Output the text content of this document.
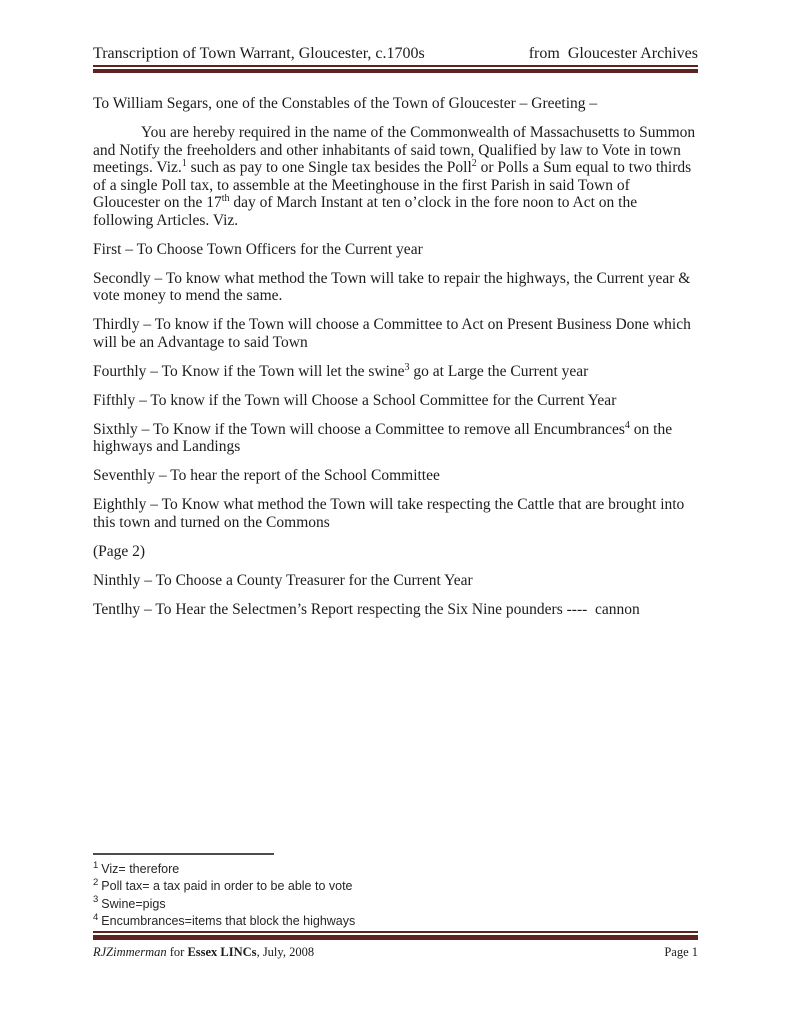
Transcription of Town Warrant, Gloucester, c.1700s	from  Gloucester Archives

To William Segars, one of the Constables of the Town of Gloucester – Greeting –

You are hereby required in the name of the Commonwealth of Massachusetts to Summon and Notify the freeholders and other inhabitants of said town, Qualified by law to Vote in town meetings. Viz.$^1$ such as pay to one Single tax besides the Poll$^2$ or Polls a Sum equal to two thirds of a single Poll tax, to assemble at the Meetinghouse in the first Parish in said Town of Gloucester on the 17th day of March Instant at ten o’clock in the fore noon to Act on the following Articles. Viz.

First – To Choose Town Officers for the Current year

Secondly – To know what method the Town will take to repair the highways, the Current year & vote money to mend the same.

Thirdly – To know if the Town will choose a Committee to Act on Present Business Done which will be an Advantage to said Town

Fourthly – To Know if the Town will let the swine$^3$ go at Large the Current year

Fifthly – To know if the Town will Choose a School Committee for the Current Year

Sixthly – To Know if the Town will choose a Committee to remove all Encumbrances$^4$ on the highways and Landings

Seventhly – To hear the report of the School Committee

Eighthly – To Know what method the Town will take respecting the Cattle that are brought into this town and turned on the Commons

(Page 2)

Ninthly – To Choose a County Treasurer for the Current Year

Tentlhy – To Hear the Selectmen’s Report respecting the Six Nine pounders ----  cannon

$^1$ Viz= therefore
$^2$ Poll tax= a tax paid in order to be able to vote
$^3$ Swine=pigs
$^4$ Encumbrances=items that block the highways
RJZimmerman for Essex LINCs, July, 2008	Page 1
